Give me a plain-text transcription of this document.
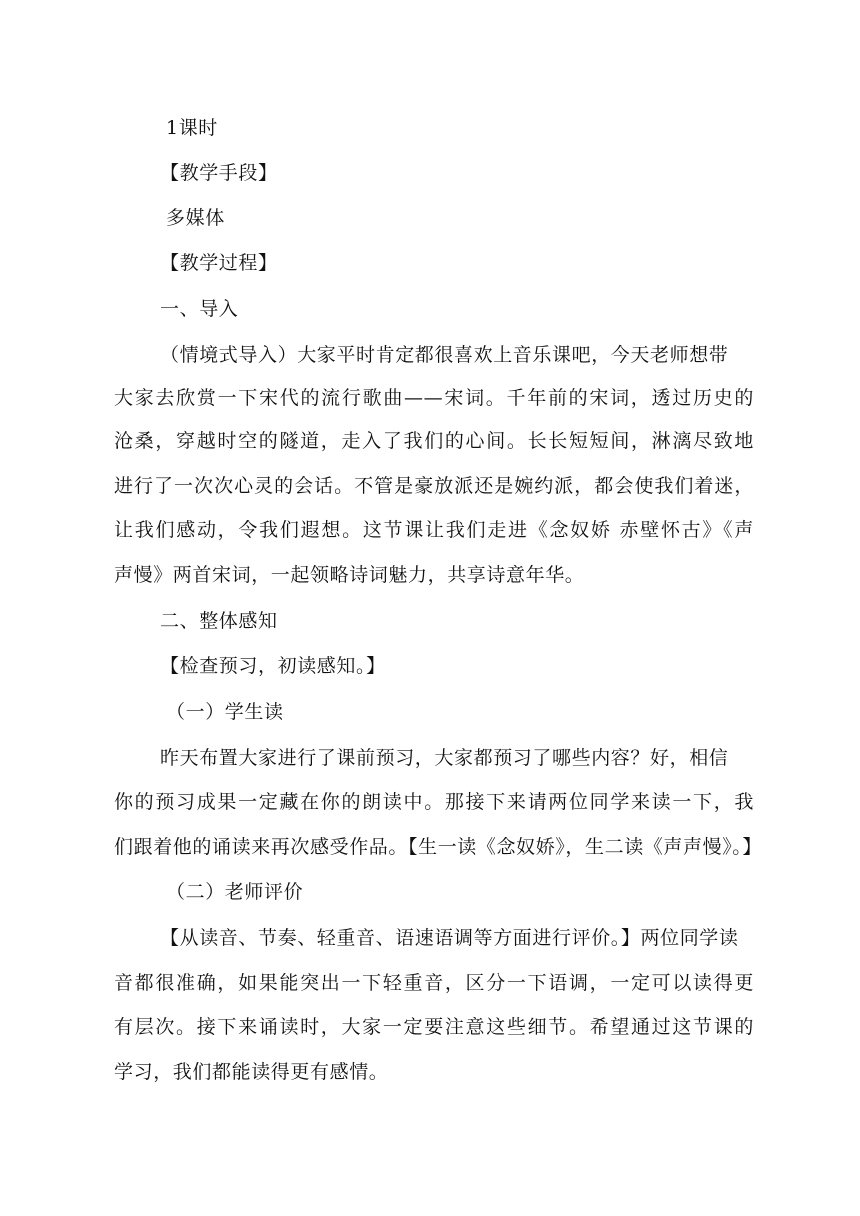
1课时
【教学手段】
多媒体
【教学过程】
一、导入
（情境式导入）大家平时肯定都很喜欢上音乐课吧，今天老师想带
大家去欣赏一下宋代的流行歌曲——宋词。千年前的宋词，透过历史的
沧桑，穿越时空的隧道，走入了我们的心间。长长短短间，淋漓尽致地
进行了一次次心灵的会话。不管是豪放派还是婉约派，都会使我们着迷，
让我们感动，令我们遐想。这节课让我们走进《念奴娇 赤壁怀古》《声
声慢》两首宋词，一起领略诗词魅力，共享诗意年华。
二、整体感知
【检查预习，初读感知。】
（一）学生读
昨天布置大家进行了课前预习，大家都预习了哪些内容？好，相信
你的预习成果一定藏在你的朗读中。那接下来请两位同学来读一下，我
们跟着他的诵读来再次感受作品。【生一读《念奴娇》，生二读《声声慢》。】
（二）老师评价
【从读音、节奏、轻重音、语速语调等方面进行评价。】两位同学读
音都很准确，如果能突出一下轻重音，区分一下语调，一定可以读得更
有层次。接下来诵读时，大家一定要注意这些细节。希望通过这节课的
学习，我们都能读得更有感情。
